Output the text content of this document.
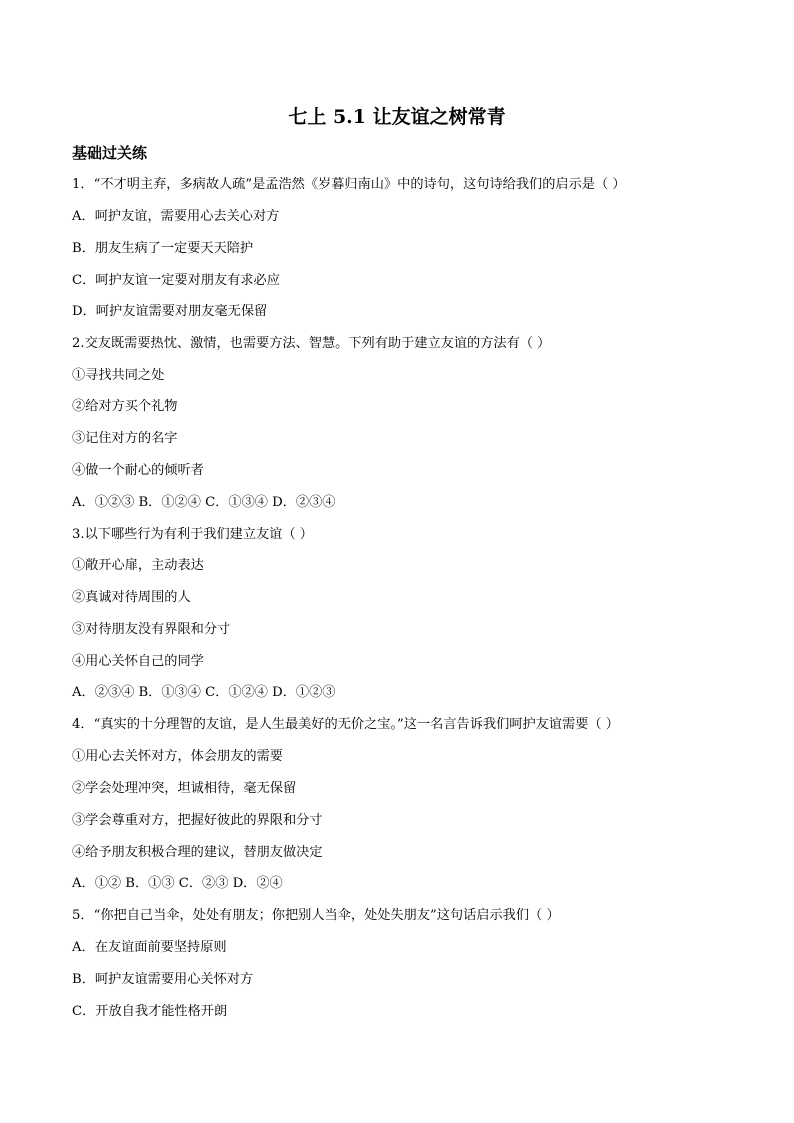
七上 5.1 让友谊之树常青
基础过关练
1．“不才明主弃，多病故人疏”是孟浩然《岁暮归南山》中的诗句，这句诗给我们的启示是（ ）
A．呵护友谊，需要用心去关心对方
B．朋友生病了一定要天天陪护
C．呵护友谊一定要对朋友有求必应
D．呵护友谊需要对朋友毫无保留
2.交友既需要热忱、激情，也需要方法、智慧。下列有助于建立友谊的方法有（ ）
①寻找共同之处
②给对方买个礼物
③记住对方的名字
④做一个耐心的倾听者
A．①②③ B．①②④ C．①③④ D．②③④
3.以下哪些行为有利于我们建立友谊（ ）
①敞开心扉，主动表达
②真诚对待周围的人
③对待朋友没有界限和分寸
④用心关怀自己的同学
A．②③④ B．①③④ C．①②④ D．①②③
4．“真实的十分理智的友谊，是人生最美好的无价之宝。”这一名言告诉我们呵护友谊需要（ ）
①用心去关怀对方，体会朋友的需要
②学会处理冲突，坦诚相待，毫无保留
③学会尊重对方，把握好彼此的界限和分寸
④给予朋友积极合理的建议，替朋友做决定
A．①② B．①③ C．②③ D．②④
5．“你把自己当伞，处处有朋友；你把别人当伞，处处失朋友”这句话启示我们（ ）
A．在友谊面前要坚持原则
B．呵护友谊需要用心关怀对方
C．开放自我才能性格开朗
